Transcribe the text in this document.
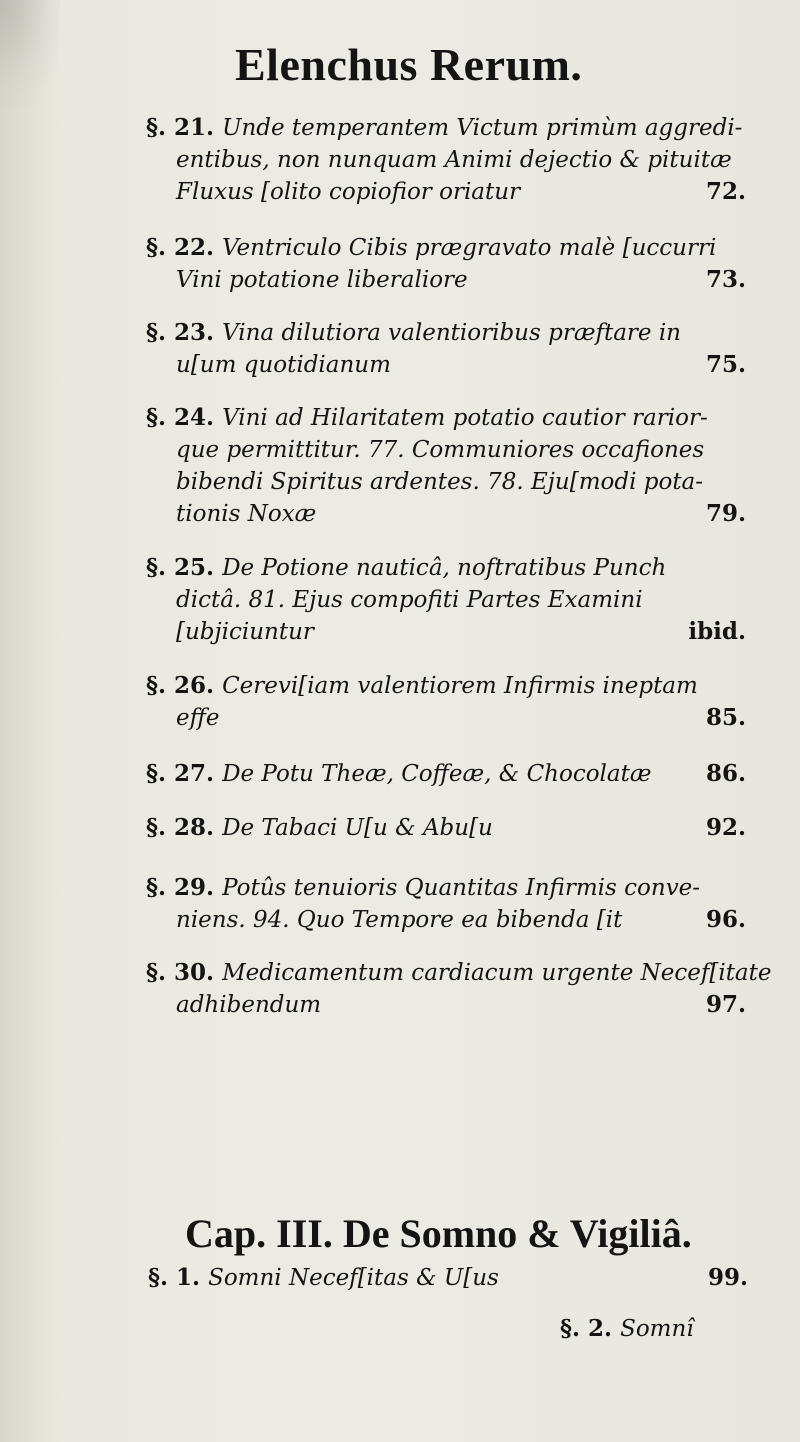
Elenchus Rerum.
§. 21. Unde temperantem Victum primùm aggredi-
entibus, non nunquam Animi dejectio & pituitæ
Fluxus [olito copiofior oriatur	72.
§. 22. Ventriculo Cibis prægravato malè [uccurri
Vini potatione liberaliore	73.
§. 23. Vina dilutiora valentioribus præftare in
u[um quotidianum	75.
§. 24. Vini ad Hilaritatem potatio cautior rarior-
que permittitur. 77. Communiores occafiones
bibendi Spiritus ardentes. 78. Eju[modi pota-
tionis Noxæ	79.
§. 25. De Potione nauticâ, noftratibus Punch
dictâ. 81. Ejus compofiti Partes Examini
[ubjiciuntur	ibid.
§. 26. Cerevi[iam valentiorem Infirmis ineptam
effe	85.
§. 27. De Potu Theæ, Coffeæ, & Chocolatæ 86.
§. 28. De Tabaci U[u & Abu[u	92.
§. 29. Potûs tenuioris Quantitas Infirmis conve-
niens. 94. Quo Tempore ea bibenda [it	96.
§. 30. Medicamentum cardiacum urgente Necef[itate
adhibendum	97.
Cap. III. De Somno & Vigiliâ.
§. 1. Somni Necef[itas & U[us	99.
§. 2. Somnî
